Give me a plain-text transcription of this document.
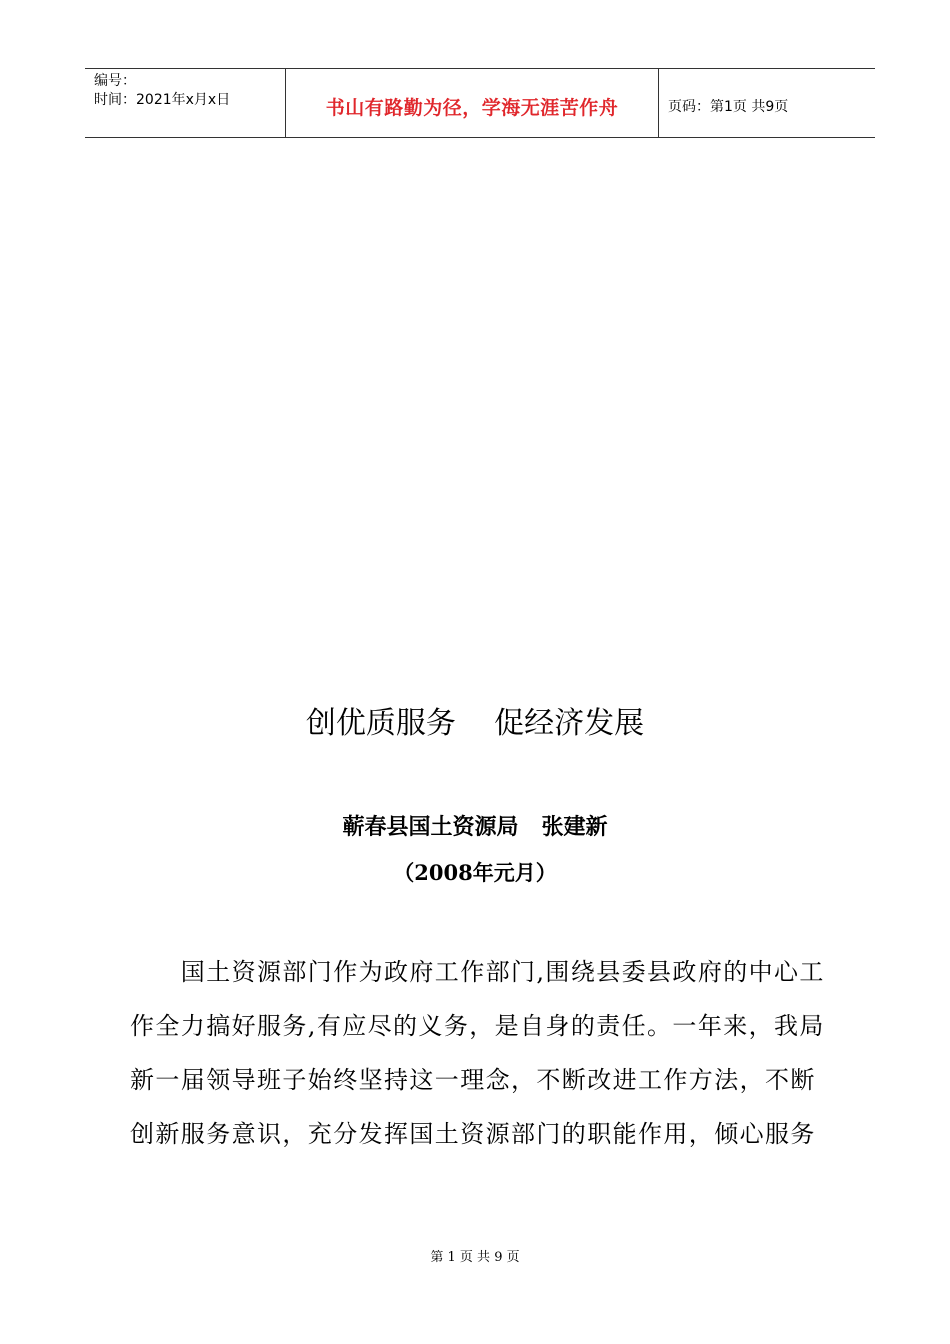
编号：
时间：2021年x月x日	书山有路勤为径，学海无涯苦作舟	页码：第1页 共9页
创优质服务    促经济发展
蕲春县国土资源局   张建新
（2008年元月）
　　国土资源部门作为政府工作部门,围绕县委县政府的中心工
作全力搞好服务,有应尽的义务，是自身的责任。一年来，我局
新一届领导班子始终坚持这一理念，不断改进工作方法，不断
创新服务意识，充分发挥国土资源部门的职能作用，倾心服务
第 1 页 共 9 页
